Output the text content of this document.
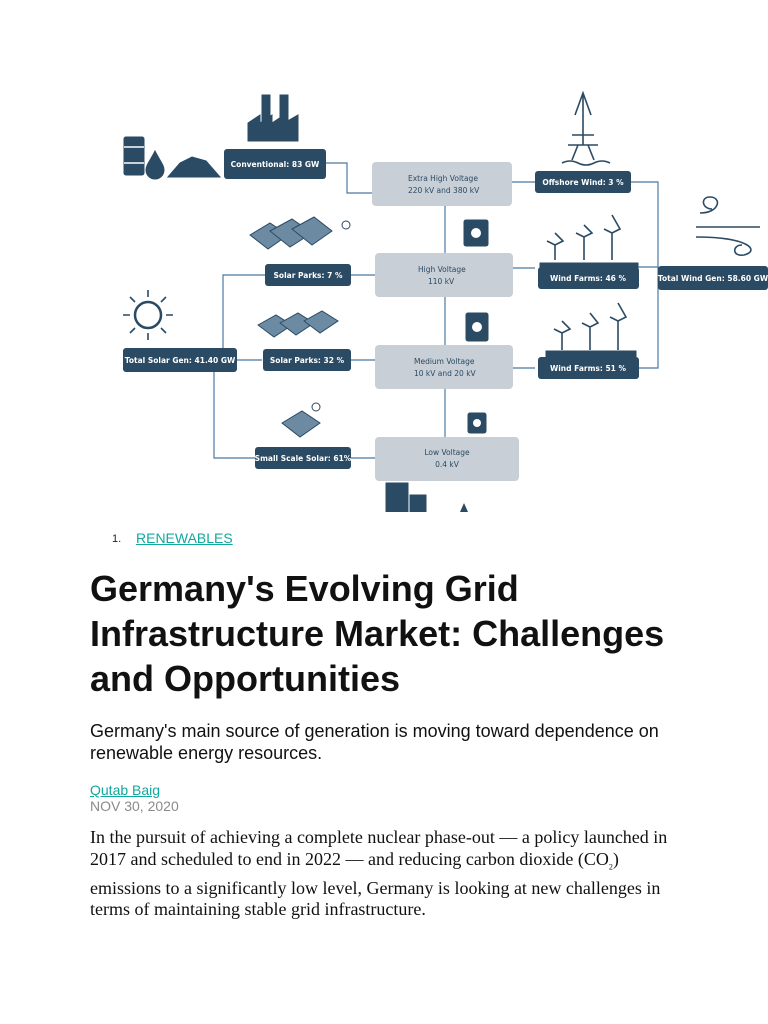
Conventional: 83 GW
Extra High Voltage
220 kV and 380 kV
Offshore Wind: 3 %
Solar Parks: 7 %
High Voltage
110 kV	Wind Farms: 46 %	Total Wind Gen: 58.60 GW
Total Solar Gen: 41.40 GW	Solar Parks: 32 %	Medium Voltage
10 kV and 20 kV
Wind Farms: 51 %
Small Scale Solar: 61%
Low Voltage
0.4 kV
1. RENEWABLES
Germany's Evolving Grid Infrastructure Market: Challenges and Opportunities

Germany's main source of generation is moving toward dependence on renewable energy resources.

Qutab Baig
NOV 30, 2020

In the pursuit of achieving a complete nuclear phase-out — a policy launched in 2017 and scheduled to end in 2022 — and reducing carbon dioxide $(CO_2)$ emissions to a significantly low level, Germany is looking at new challenges in terms of maintaining stable grid infrastructure.
